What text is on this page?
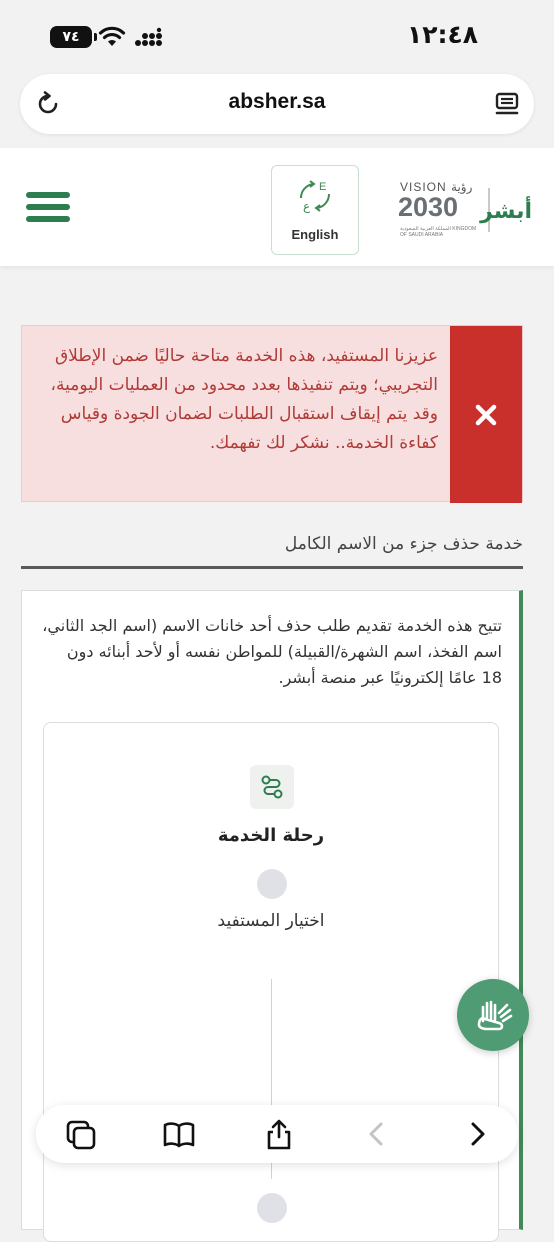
٧٤	١٢:٤٨
absher.sa
E
ع
English
VISION رؤية
2030
المملكة العربية السعودية KINGDOM OF SAUDI ARABIA
أبشر
عزيزنا المستفيد، هذه الخدمة متاحة حاليًا ضمن الإطلاق التجريبي؛ ويتم تنفيذها بعدد محدود من العمليات اليومية، وقد يتم إيقاف استقبال الطلبات لضمان الجودة وقياس كفاءة الخدمة.. نشكر لك تفهمك.
خدمة حذف جزء من الاسم الكامل
تتيح هذه الخدمة تقديم طلب حذف أحد خانات الاسم (اسم الجد الثاني، اسم الفخذ، اسم الشهرة/القبيلة) للمواطن نفسه أو لأحد أبنائه دون 18 عامًا إلكترونيًا عبر منصة أبشر.
رحلة الخدمة
اختيار المستفيد
